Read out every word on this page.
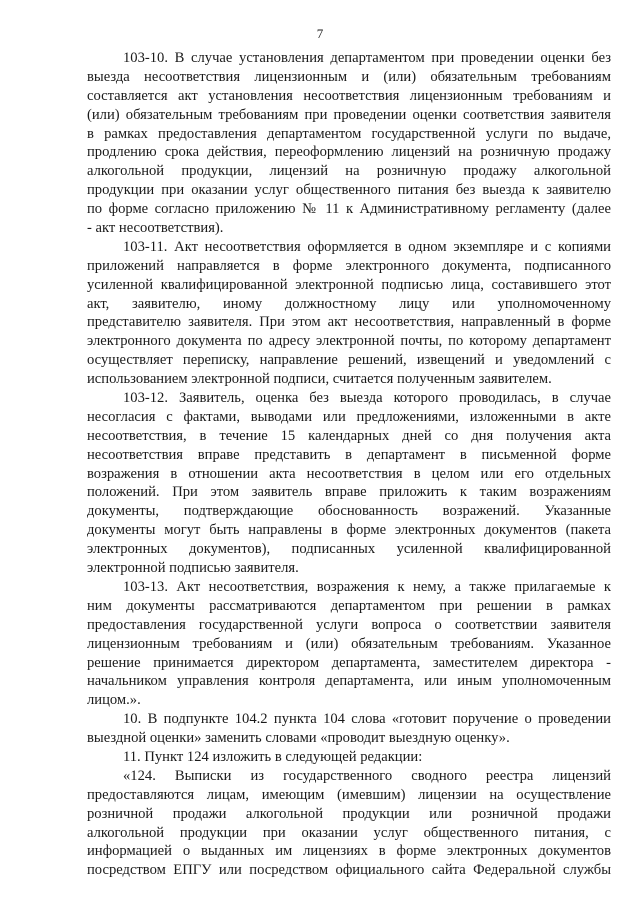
7
103-10. В случае установления департаментом при проведении оценки без
выезда несоответствия лицензионным и (или) обязательным требованиям
составляется акт установления несоответствия лицензионным требованиям и
(или) обязательным требованиям при проведении оценки соответствия заявителя
в рамках предоставления департаментом государственной услуги по выдаче,
продлению срока действия, переоформлению лицензий на розничную продажу
алкогольной продукции, лицензий на розничную продажу алкогольной
продукции при оказании услуг общественного питания без выезда к заявителю
по форме согласно приложению № 11 к Административному регламенту (далее
- акт несоответствия).
103-11. Акт несоответствия оформляется в одном экземпляре и с копиями
приложений направляется в форме электронного документа, подписанного
усиленной квалифицированной электронной подписью лица, составившего этот
акт, заявителю, иному должностному лицу или уполномоченному
представителю заявителя. При этом акт несоответствия, направленный в форме
электронного документа по адресу электронной почты, по которому департамент
осуществляет переписку, направление решений, извещений и уведомлений с
использованием электронной подписи, считается полученным заявителем.
103-12. Заявитель, оценка без выезда которого проводилась, в случае
несогласия с фактами, выводами или предложениями, изложенными в акте
несоответствия, в течение 15 календарных дней со дня получения акта
несоответствия вправе представить в департамент в письменной форме
возражения в отношении акта несоответствия в целом или его отдельных
положений. При этом заявитель вправе приложить к таким возражениям
документы, подтверждающие обоснованность возражений. Указанные
документы могут быть направлены в форме электронных документов (пакета
электронных документов), подписанных усиленной квалифицированной
электронной подписью заявителя.
103-13. Акт несоответствия, возражения к нему, а также прилагаемые к
ним документы рассматриваются департаментом при решении в рамках
предоставления государственной услуги вопроса о соответствии заявителя
лицензионным требованиям и (или) обязательным требованиям. Указанное
решение принимается директором департамента, заместителем директора -
начальником управления контроля департамента, или иным уполномоченным
лицом.».
10. В подпункте 104.2 пункта 104 слова «готовит поручение о проведении
выездной оценки» заменить словами «проводит выездную оценку».
11. Пункт 124 изложить в следующей редакции:
«124. Выписки из государственного сводного реестра лицензий
предоставляются лицам, имеющим (имевшим) лицензии на осуществление
розничной продажи алкогольной продукции или розничной продажи
алкогольной продукции при оказании услуг общественного питания, с
информацией о выданных им лицензиях в форме электронных документов
посредством ЕПГУ или посредством официального сайта Федеральной службы
